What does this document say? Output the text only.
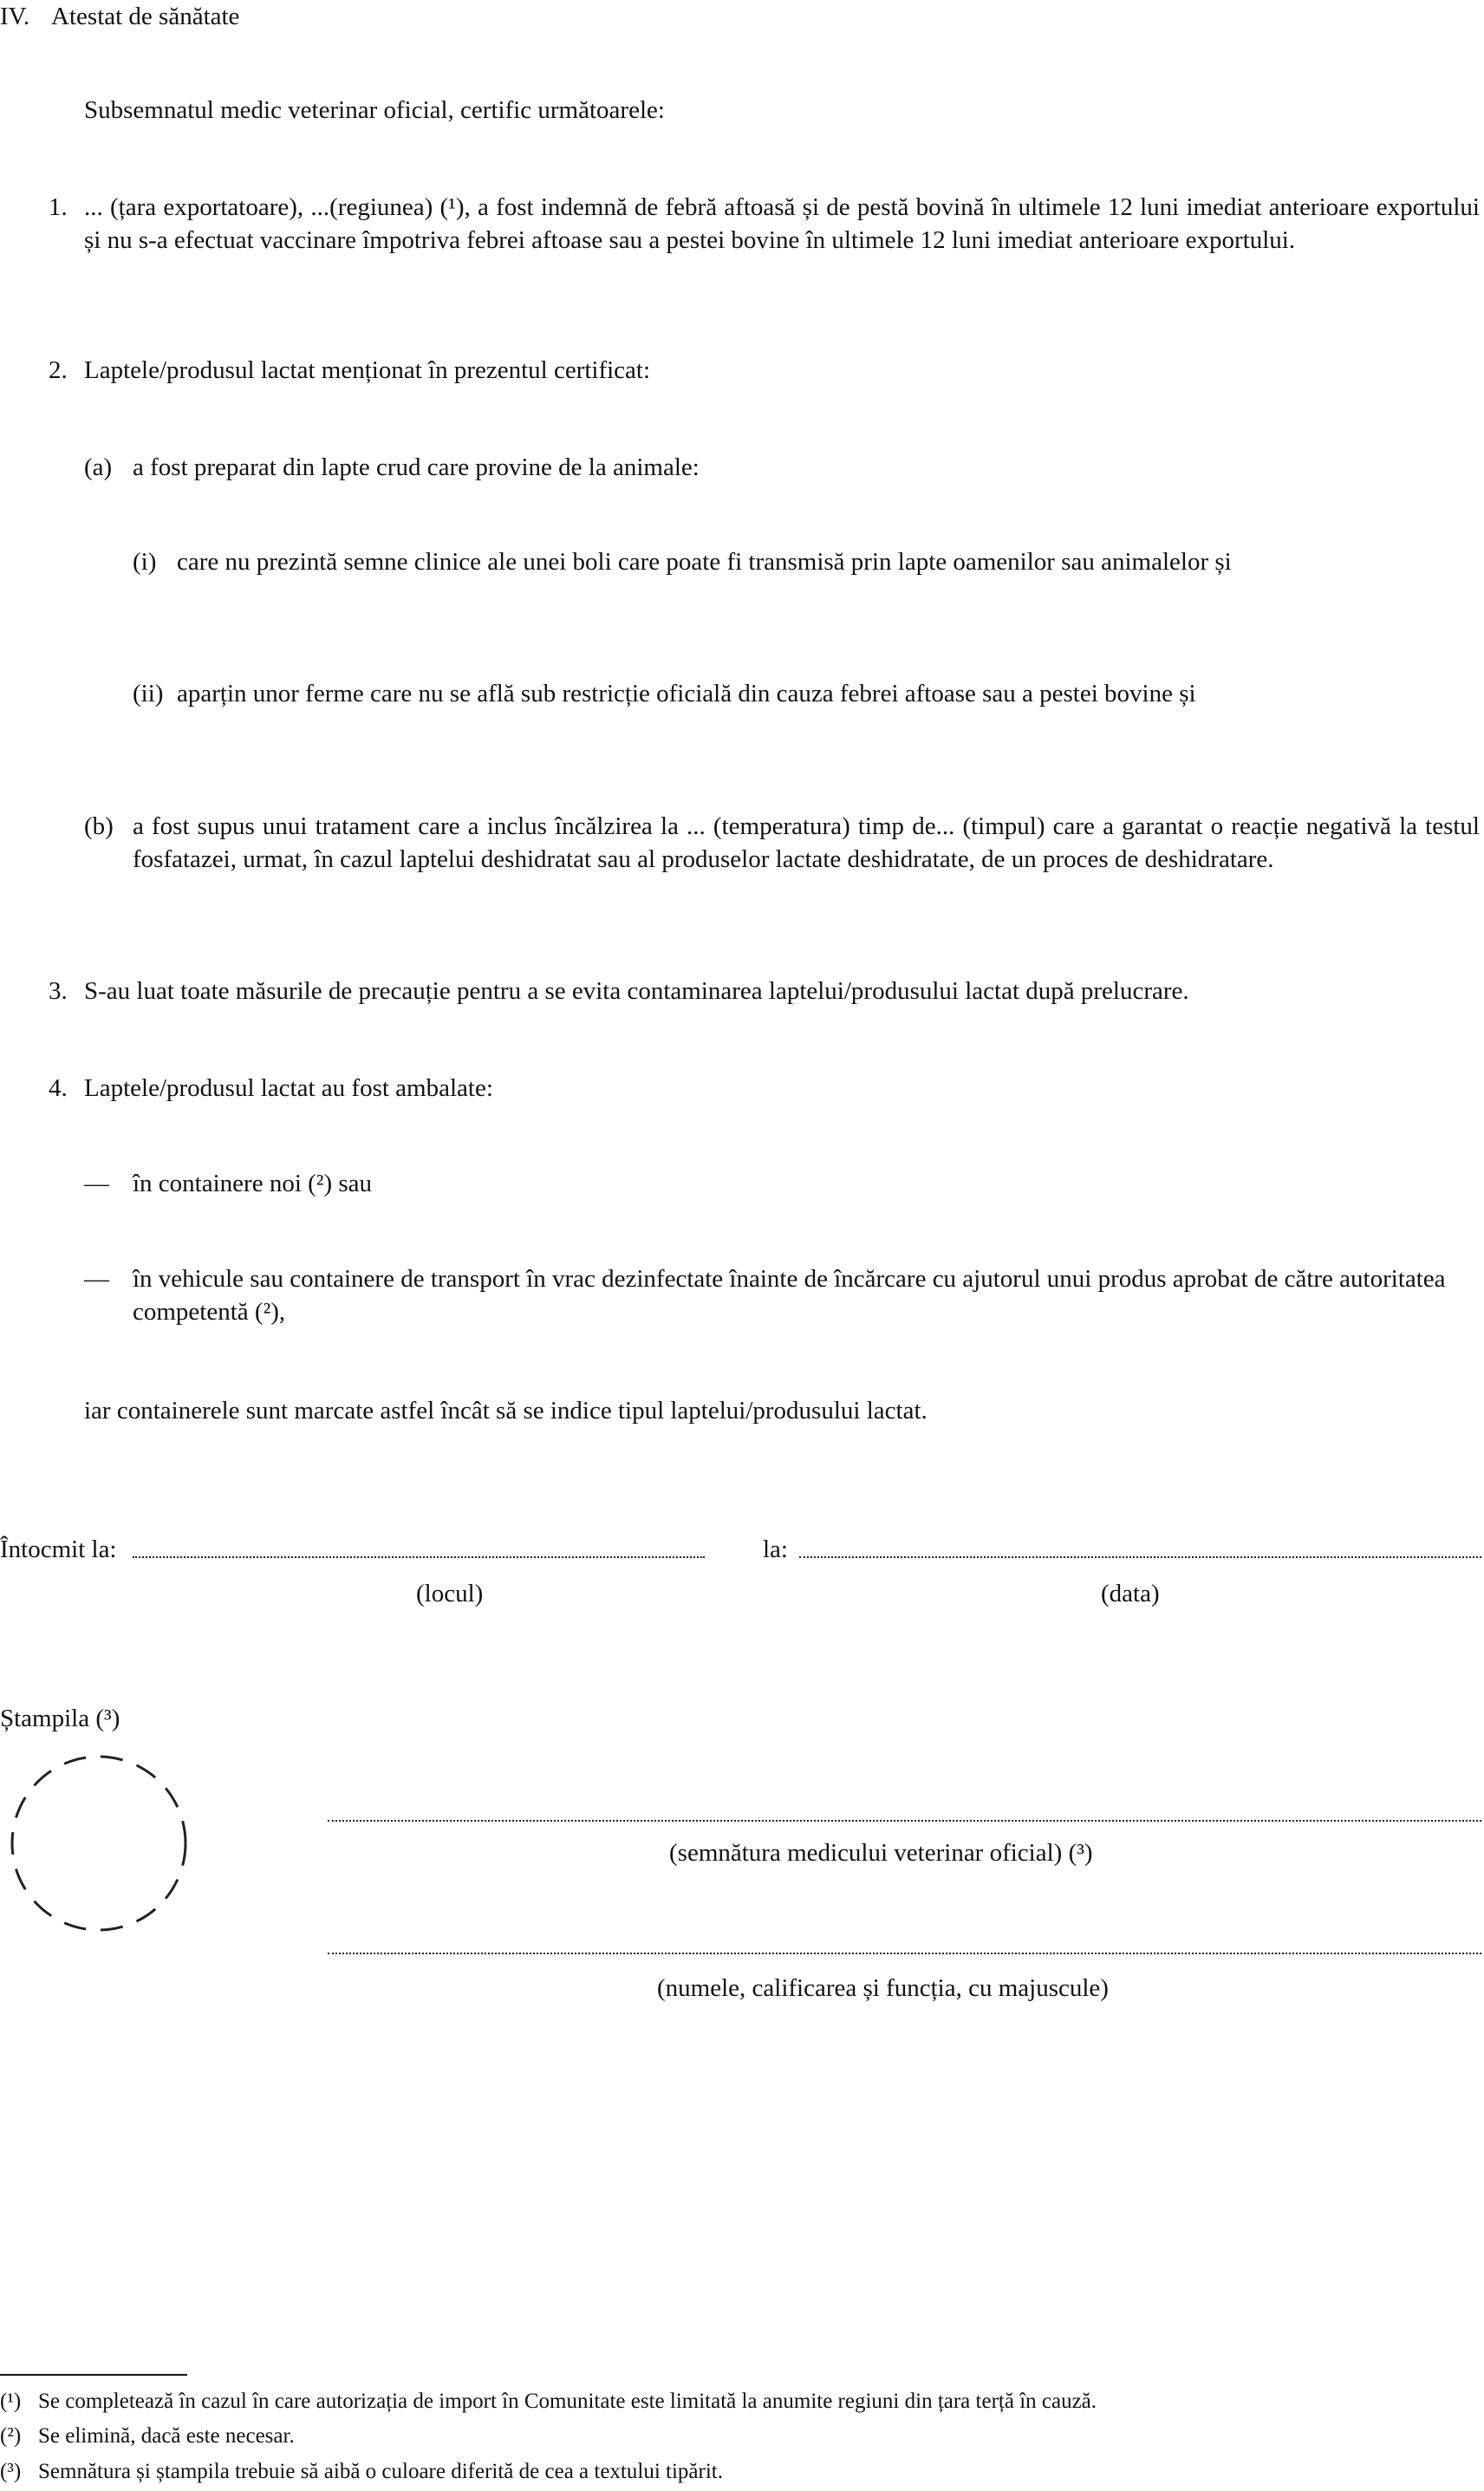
IV. Atestat de sănătate
Subsemnatul medic veterinar oficial, certific următoarele:
1. ... (țara exportatoare), ...(regiunea) (¹), a fost indemnă de febră aftoasă și de pestă bovină în ultimele 12 luni imediat anterioare exportului și nu s-a efectuat vaccinare împotriva febrei aftoase sau a pestei bovine în ultimele 12 luni imediat anterioare exportului.
2. Laptele/produsul lactat menționat în prezentul certificat:
(a) a fost preparat din lapte crud care provine de la animale:
(i) care nu prezintă semne clinice ale unei boli care poate fi transmisă prin lapte oamenilor sau animalelor și
(ii) aparțin unor ferme care nu se află sub restricție oficială din cauza febrei aftoase sau a pestei bovine și
(b) a fost supus unui tratament care a inclus încălzirea la ... (temperatura) timp de... (timpul) care a garantat o reacție negativă la testul fosfatazei, urmat, în cazul laptelui deshidratat sau al produselor lactate deshidratate, de un proces de deshidratare.
3. S-au luat toate măsurile de precauție pentru a se evita contaminarea laptelui/produsului lactat după prelucrare.
4. Laptele/produsul lactat au fost ambalate:
— în containere noi (²) sau
— în vehicule sau containere de transport în vrac dezinfectate înainte de încărcare cu ajutorul unui produs aprobat de către autoritatea competentă (²),
iar containerele sunt marcate astfel încât să se indice tipul laptelui/produsului lactat.
Întocmit la:
(locul)
la:
(data)
Ștampila (³)
(semnătura medicului veterinar oficial) (³)
(numele, calificarea și funcția, cu majuscule)
(¹) Se completează în cazul în care autorizația de import în Comunitate este limitată la anumite regiuni din țara terță în cauză.
(²) Se elimină, dacă este necesar.
(³) Semnătura și ștampila trebuie să aibă o culoare diferită de cea a textului tipărit.
